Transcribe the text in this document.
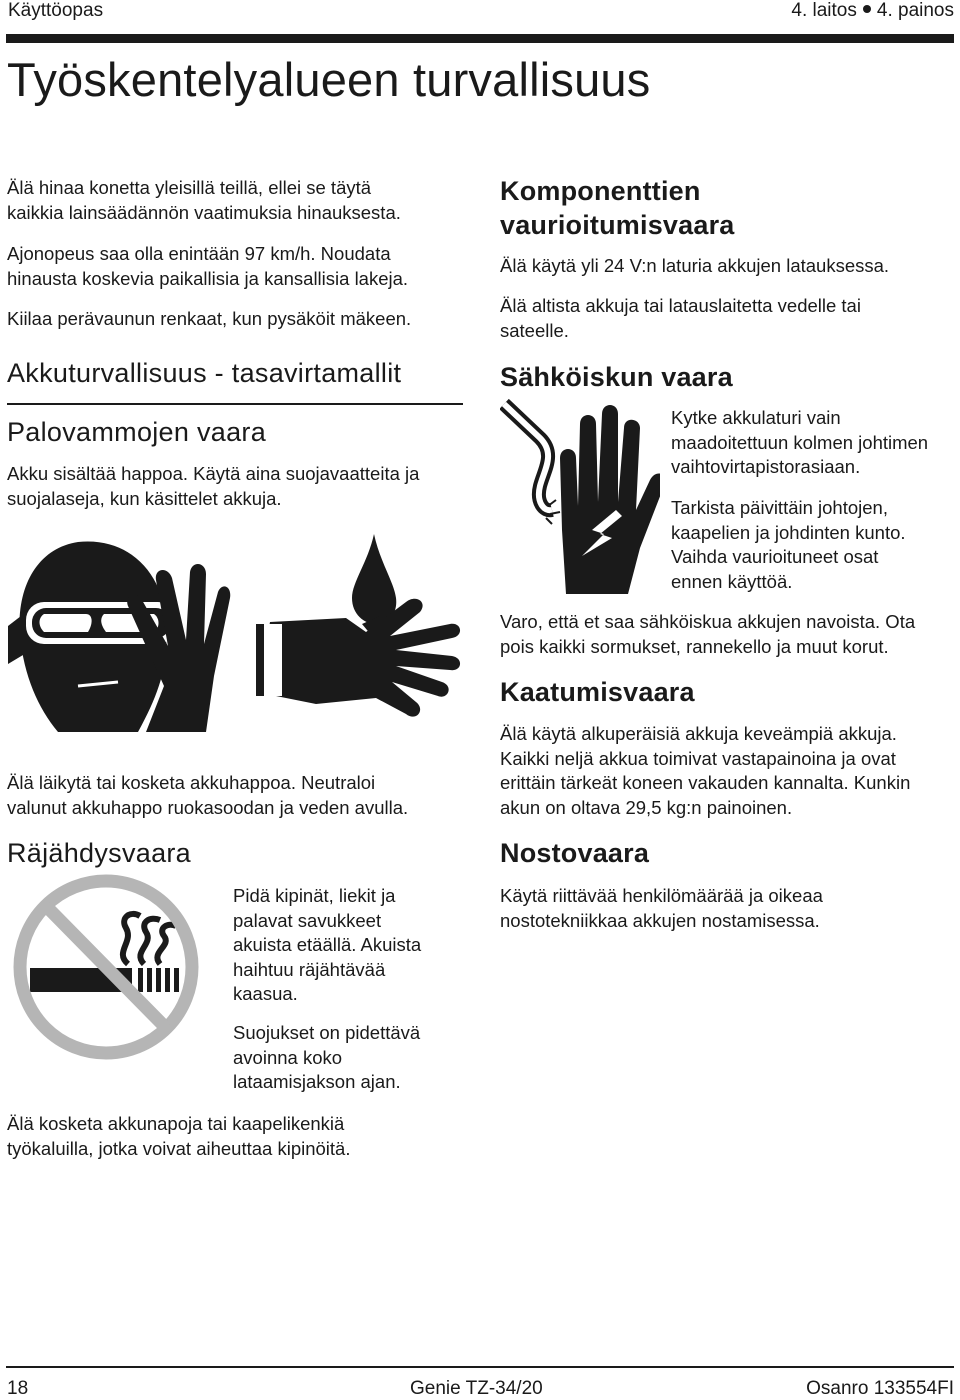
Käyttöopas	4. laitos 4. painos
Työskentelyalueen turvallisuus
Älä hinaa konetta yleisillä teillä, ellei se täytä
kaikkia lainsäädännön vaatimuksia hinauksesta.
Ajonopeus saa olla enintään 97 km/h. Noudata
hinausta koskevia paikallisia ja kansallisia lakeja.
Kiilaa perävaunun renkaat, kun pysäköit mäkeen.
Akkuturvallisuus - tasavirtamallit
Palovammojen vaara
Akku sisältää happoa. Käytä aina suojavaatteita ja
suojalaseja, kun käsittelet akkuja.
Älä läikytä tai kosketa akkuhappoa. Neutraloi
valunut akkuhappo ruokasoodan ja veden avulla.
Räjähdysvaara
Pidä kipinät, liekit ja
palavat savukkeet
akuista etäällä. Akuista
haihtuu räjähtävää
kaasua.
Suojukset on pidettävä
avoinna koko
lataamisjakson ajan.
Älä kosketa akkunapoja tai kaapelikenkiä
työkaluilla, jotka voivat aiheuttaa kipinöitä.
Komponenttien
vaurioitumisvaara
Älä käytä yli 24 V:n laturia akkujen latauksessa.
Älä altista akkuja tai latauslaitetta vedelle tai
sateelle.
Sähköiskun vaara
Kytke akkulaturi vain
maadoitettuun kolmen johtimen
vaihtovirtapistorasiaan.
Tarkista päivittäin johtojen,
kaapelien ja johdinten kunto.
Vaihda vaurioituneet osat
ennen käyttöä.
Varo, että et saa sähköiskua akkujen navoista. Ota
pois kaikki sormukset, rannekello ja muut korut.
Kaatumisvaara
Älä käytä alkuperäisiä akkuja keveämpiä akkuja.
Kaikki neljä akkua toimivat vastapainoina ja ovat
erittäin tärkeät koneen vakauden kannalta. Kunkin
akun on oltava 29,5 kg:n painoinen.
Nostovaara
Käytä riittävää henkilömäärää ja oikeaa
nostotekniikkaa akkujen nostamisessa.
18	Genie TZ-34/20	Osanro 133554FI
